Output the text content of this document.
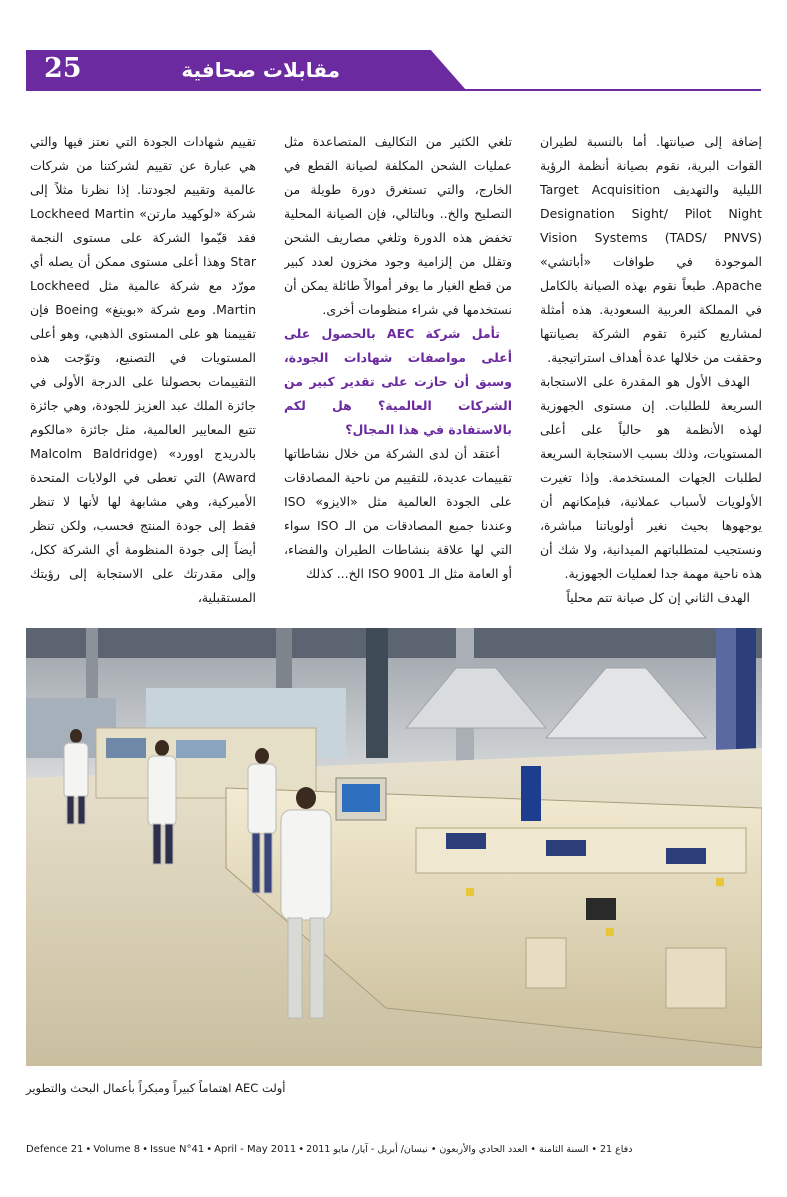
25	مقابلات صحافية

إضافة إلى صيانتها. أما بالنسبة لطيران القوات البرية، نقوم بصيانة أنظمة الرؤية الليلية والتهديف Target Acquisition Designation Sight/ Pilot Night Vision Systems (TADS/ PNVS) الموجودة في طوافات «أباتشي» Apache. طبعاً نقوم بهذه الصيانة بالكامل في المملكة العربية السعودية. هذه أمثلة لمشاريع كثيرة تقوم الشركة بصيانتها وحققت من خلالها عدة أهداف استراتيجية.

الهدف الأول هو المقدرة على الاستجابة السريعة للطلبات. إن مستوى الجهوزية لهذه الأنظمة هو حالياً على أعلى المستويات، وذلك بسبب الاستجابة السريعة لطلبات الجهات المستخدمة. وإذا تغيرت الأولويات لأسباب عملانية، فبإمكانهم أن يوجهوها بحيث نغير أولوياتنا مباشرة، ونستجيب لمتطلباتهم الميدانية، ولا شك أن هذه ناحية مهمة جدا لعمليات الجهوزية.

الهدف الثاني إن كل صيانة تتم محلياً

تلغي الكثير من التكاليف المتصاعدة مثل عمليات الشحن المكلفة لصيانة القطع في الخارج، والتي تستغرق دورة طويلة من التصليح والخ.. وبالتالي، فإن الصيانة المحلية تخفض هذه الدورة وتلغي مصاريف الشحن وتقلل من إلزامية وجود مخزون لعدد كبير من قطع الغيار ما يوفر أموالاً طائلة يمكن أن نستخدمها في شراء منظومات أخرى.

تأمل شركة AEC بالحصول على أعلى مواصفات شهادات الجودة، وسبق أن حازت على تقدير كبير من الشركات العالمية؟ هل لكم بالاستفادة في هذا المجال؟

أعتقد أن لدى الشركة من خلال نشاطاتها تقييمات عديدة، للتقييم من ناحية المصادقات على الجودة العالمية مثل «الايزو» ISO وعندنا جميع المصادقات من الـ ISO سواء التي لها علاقة بنشاطات الطيران والفضاء، أو العامة مثل الـ ISO 9001 الخ... كذلك

تقييم شهادات الجودة التي نعتز فيها والتي هي عبارة عن تقييم لشركتنا من شركات عالمية وتقييم لجودتنا. إذا نظرنا مثلاً إلى شركة «لوكهيد مارتن» Lockheed Martin فقد قيّموا الشركة على مستوى النجمة Star وهذا أعلى مستوى ممكن أن يصله أي مورّد مع شركة عالمية مثل Lockheed Martin. ومع شركة «بوينغ» Boeing فإن تقييمنا هو على المستوى الذهبي، وهو أعلى المستويات في التصنيع، وتوّجت هذه التقييمات بحصولنا على الدرجة الأولى في جائزة الملك عبد العزيز للجودة، وهي جائزة تتبع المعايير العالمية، مثل جائزة «مالكوم بالدريدج اوورد» (Malcolm Baldridge Award) التي تعطى في الولايات المتحدة الأميركية، وهي مشابهة لها لأنها لا تنظر فقط إلى جودة المنتج فحسب، ولكن تنظر أيضاً إلى جودة المنظومة أي الشركة ككل، وإلى مقدرتك على الاستجابة إلى رؤيتك المستقبلية،

أولت AEC اهتماماً كبيراً ومبكراً بأعمال البحث والتطوير
Defence 21 • Volume 8 • Issue N°41 • April - May 2011 • دفاع 21 • السنة الثامنة • العدد الحادي والأربعون • نيسان/ أبريل - آيار/ مايو 2011
